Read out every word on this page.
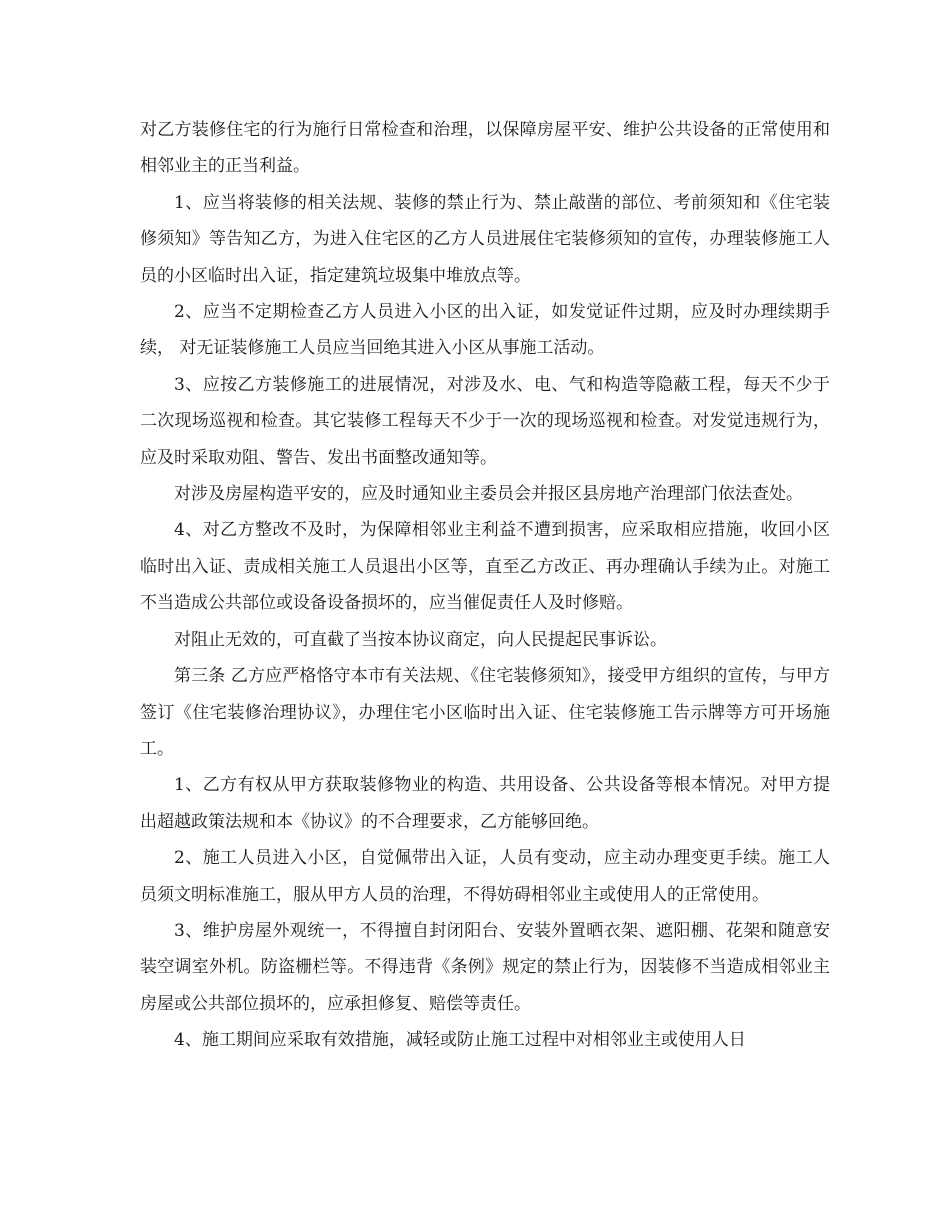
对乙方装修住宅的行为施行日常检查和治理，以保障房屋平安、维护公共设备的正常使用和相邻业主的正当利益。

1、应当将装修的相关法规、装修的禁止行为、禁止敲凿的部位、考前须知和《住宅装修须知》等告知乙方，为进入住宅区的乙方人员进展住宅装修须知的宣传，办理装修施工人员的小区临时出入证，指定建筑垃圾集中堆放点等。

2、应当不定期检查乙方人员进入小区的出入证，如发觉证件过期，应及时办理续期手续， 对无证装修施工人员应当回绝其进入小区从事施工活动。

3、应按乙方装修施工的进展情况，对涉及水、电、气和构造等隐蔽工程，每天不少于二次现场巡视和检查。其它装修工程每天不少于一次的现场巡视和检查。对发觉违规行为，应及时采取劝阻、警告、发出书面整改通知等。

对涉及房屋构造平安的，应及时通知业主委员会并报区县房地产治理部门依法查处。

4、对乙方整改不及时，为保障相邻业主利益不遭到损害，应采取相应措施，收回小区临时出入证、责成相关施工人员退出小区等，直至乙方改正、再办理确认手续为止。对施工不当造成公共部位或设备设备损坏的，应当催促责任人及时修赔。

对阻止无效的，可直截了当按本协议商定，向人民提起民事诉讼。

第三条 乙方应严格恪守本市有关法规、《住宅装修须知》，接受甲方组织的宣传，与甲方签订《住宅装修治理协议》，办理住宅小区临时出入证、住宅装修施工告示牌等方可开场施工。

1、乙方有权从甲方获取装修物业的构造、共用设备、公共设备等根本情况。对甲方提出超越政策法规和本《协议》的不合理要求，乙方能够回绝。

2、施工人员进入小区，自觉佩带出入证，人员有变动，应主动办理变更手续。施工人员须文明标准施工，服从甲方人员的治理，不得妨碍相邻业主或使用人的正常使用。

3、维护房屋外观统一，不得擅自封闭阳台、安装外置晒衣架、遮阳棚、花架和随意安装空调室外机。防盗栅栏等。不得违背《条例》规定的禁止行为，因装修不当造成相邻业主房屋或公共部位损坏的，应承担修复、赔偿等责任。

4、施工期间应采取有效措施，减轻或防止施工过程中对相邻业主或使用人日
